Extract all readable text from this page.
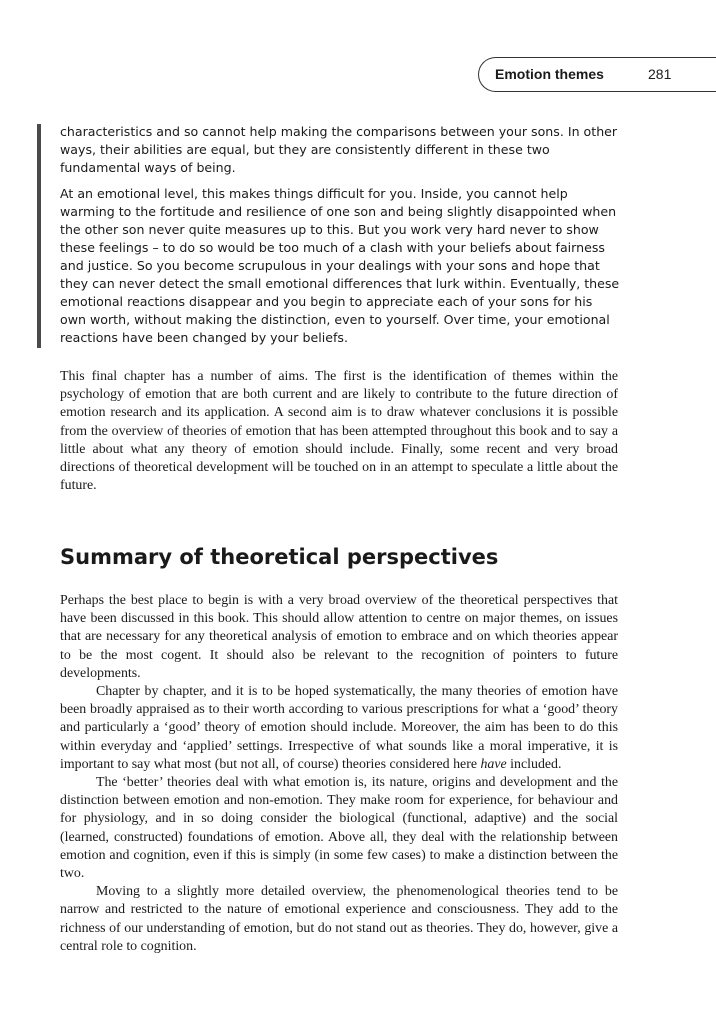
Emotion themes	281

characteristics and so cannot help making the comparisons between your sons. In other ways, their abilities are equal, but they are consistently different in these two fundamental ways of being.

At an emotional level, this makes things difficult for you. Inside, you cannot help warming to the fortitude and resilience of one son and being slightly disappointed when the other son never quite measures up to this. But you work very hard never to show these feelings – to do so would be too much of a clash with your beliefs about fairness and justice. So you become scrupulous in your dealings with your sons and hope that they can never detect the small emotional differences that lurk within. Eventually, these emotional reactions disappear and you begin to appreciate each of your sons for his own worth, without making the distinction, even to yourself. Over time, your emotional reactions have been changed by your beliefs.

This final chapter has a number of aims. The first is the identification of themes within the psychology of emotion that are both current and are likely to contribute to the future direction of emotion research and its application. A second aim is to draw whatever conclusions it is possible from the overview of theories of emotion that has been attempted throughout this book and to say a little about what any theory of emotion should include. Finally, some recent and very broad directions of theoretical development will be touched on in an attempt to speculate a little about the future.

Summary of theoretical perspectives

Perhaps the best place to begin is with a very broad overview of the theoretical perspectives that have been discussed in this book. This should allow attention to centre on major themes, on issues that are necessary for any theoretical analysis of emotion to embrace and on which theories appear to be the most cogent. It should also be relevant to the recognition of pointers to future developments.

Chapter by chapter, and it is to be hoped systematically, the many theories of emotion have been broadly appraised as to their worth according to various prescriptions for what a ‘good’ theory and particularly a ‘good’ theory of emotion should include. Moreover, the aim has been to do this within everyday and ‘applied’ settings. Irrespective of what sounds like a moral imperative, it is important to say what most (but not all, of course) theories considered here have included.

The ‘better’ theories deal with what emotion is, its nature, origins and development and the distinction between emotion and non-emotion. They make room for experience, for behaviour and for physiology, and in so doing consider the biological (functional, adaptive) and the social (learned, constructed) foundations of emotion. Above all, they deal with the relationship between emotion and cognition, even if this is simply (in some few cases) to make a distinction between the two.

Moving to a slightly more detailed overview, the phenomenological theories tend to be narrow and restricted to the nature of emotional experience and consciousness. They add to the richness of our understanding of emotion, but do not stand out as theories. They do, however, give a central role to cognition.
